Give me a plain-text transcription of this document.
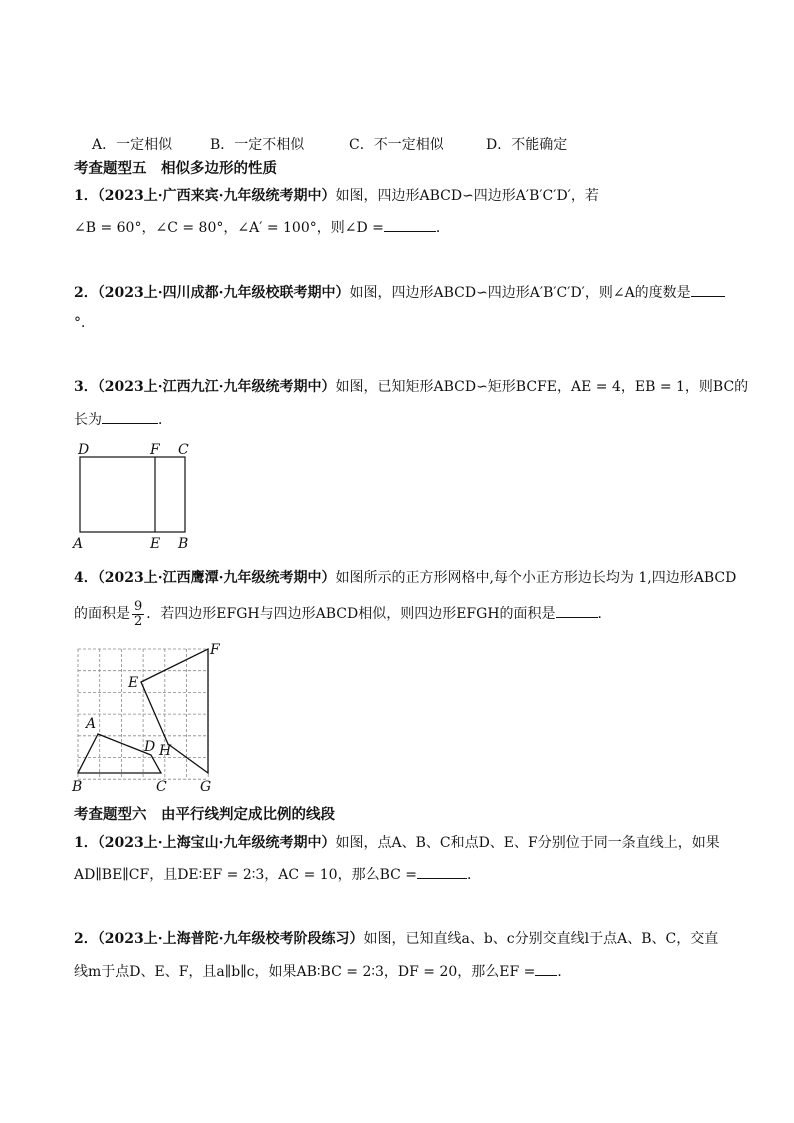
A．一定相似	B．一定不相似	C．不一定相似	D．不能确定
考查题型五　相似多边形的性质
1．（2023上·广西来宾·九年级统考期中）如图，四边形ABCD∽四边形A′B′C′D′，若
∠B = 60°，∠C = 80°，∠A′ = 100°，则∠D =	．
2．（2023上·四川成都·九年级校联考期中）如图，四边形ABCD∽四边形A′B′C′D′，则∠A的度数是
°．
3．（2023上·江西九江·九年级统考期中）如图，已知矩形ABCD∽矩形BCFE，AE = 4，EB = 1，则BC的
长为	．
D	F C
A	E B
4．（2023上·江西鹰潭·九年级统考期中）如图所示的正方形网格中,每个小正方形边长均为 1,四边形ABCD
的面积是 $\frac{9}{2}$ ．若四边形EFGH与四边形ABCD相似，则四边形EFGH的面积是	．
A
B	C
D
E
F
G
H
考查题型六　由平行线判定成比例的线段
1．（2023上·上海宝山·九年级统考期中）如图，点A、B、C和点D、E、F分别位于同一条直线上，如果
AD∥BE∥CF，且DE∶EF = 2∶3，AC = 10，那么BC =	．
2．（2023上·上海普陀·九年级校考阶段练习）如图，已知直线a、b、c分别交直线l于点A、B、C，交直
线m于点D、E、F，且a∥b∥c，如果AB∶BC = 2∶3，DF = 20，那么EF = ．
